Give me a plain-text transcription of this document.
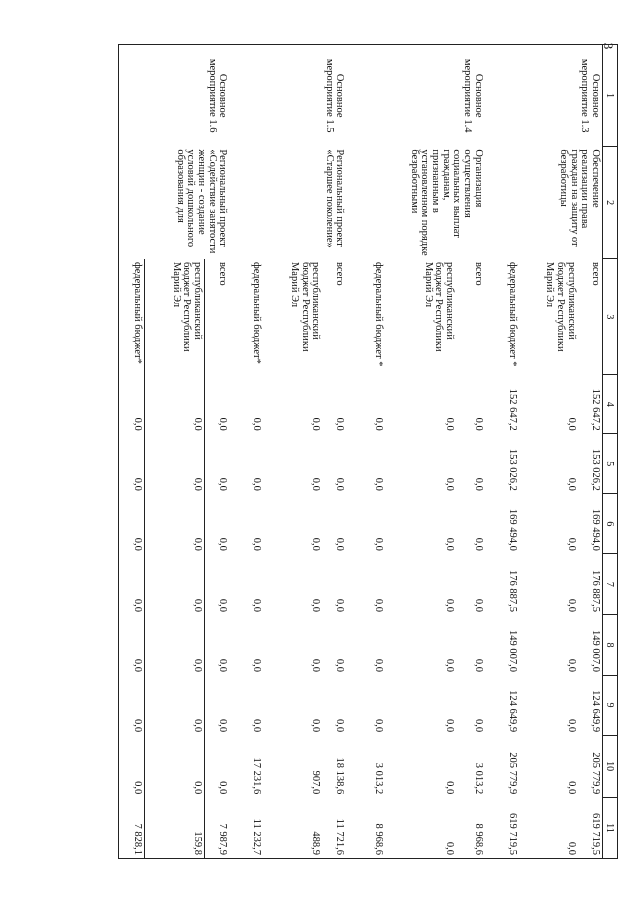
3
1	2	3	4	5	6	7	8	9	10	11
Основное мероприятие 1.3	Обеспечение реализации права граждан на защиту от безработицы	всего	152 647,2	153 026,2	169 494,0	176 887,5	149 007,0	124 649,9	205 779,9	619 719,5
		республиканский бюджет Республики Марий Эл	0,0	0,0	0,0	0,0	0,0	0,0	0,0	0,0
		федеральный бюджет *	152 647,2	153 026,2	169 494,0	176 887,5	149 007,0	124 649,9	205 779,9	619 719,5

Основное мероприятие 1.4	Организация осуществления социальных выплат гражданам, признанным в установленном порядке безработными	всего	0,0	0,0	0,0	0,0	0,0	0,0	3 013,2	8 968,6
		республиканский бюджет Республики Марий Эл	0,0	0,0	0,0	0,0	0,0	0,0	0,0	0,0
		федеральный бюджет *	0,0	0,0	0,0	0,0	0,0	0,0	3 013,2	8 968,6

Основное мероприятие 1.5	Региональный проект «Старшее поколение»	всего	0,0	0,0	0,0	0,0	0,0	0,0	18 138,6	11 721,6
		республиканский бюджет Республики Марий Эл	0,0	0,0	0,0	0,0	0,0	0,0	907,0	488,9
		федеральный бюджет*	0,0	0,0	0,0	0,0	0,0	0,0	17 231,6	11 232,7

Основное мероприятие 1.6	Региональный проект «Содействие занятости женщин - создание условий дошкольного образования для	всего	0,0	0,0	0,0	0,0	0,0	0,0	0,0	7 987,9
		республиканский бюджет Республики Марий Эл	0,0	0,0	0,0	0,0	0,0	0,0	0,0	159,8
		федеральный бюджет*	0,0	0,0	0,0	0,0	0,0	0,0	0,0	7 828,1
